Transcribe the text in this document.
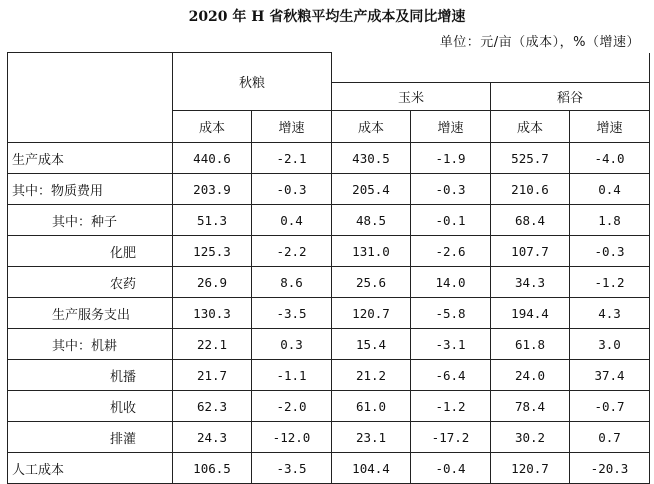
2020 年 H 省秋粮平均生产成本及同比增速
单位：元/亩（成本），%（增速）
	秋粮					
			玉米		稻谷	
	成本	增速	成本	增速	成本	增速
生产成本	440.6	-2.1	430.5	-1.9	525.7	-4.0
其中：物质费用	203.9	-0.3	205.4	-0.3	210.6	0.4
其中：种子	51.3	0.4	48.5	-0.1	68.4	1.8
化肥	125.3	-2.2	131.0	-2.6	107.7	-0.3
农药	26.9	8.6	25.6	14.0	34.3	-1.2
生产服务支出	130.3	-3.5	120.7	-5.8	194.4	4.3
其中：机耕	22.1	0.3	15.4	-3.1	61.8	3.0
机播	21.7	-1.1	21.2	-6.4	24.0	37.4
机收	62.3	-2.0	61.0	-1.2	78.4	-0.7
排灌	24.3	-12.0	23.1	-17.2	30.2	0.7
人工成本	106.5	-3.5	104.4	-0.4	120.7	-20.3
